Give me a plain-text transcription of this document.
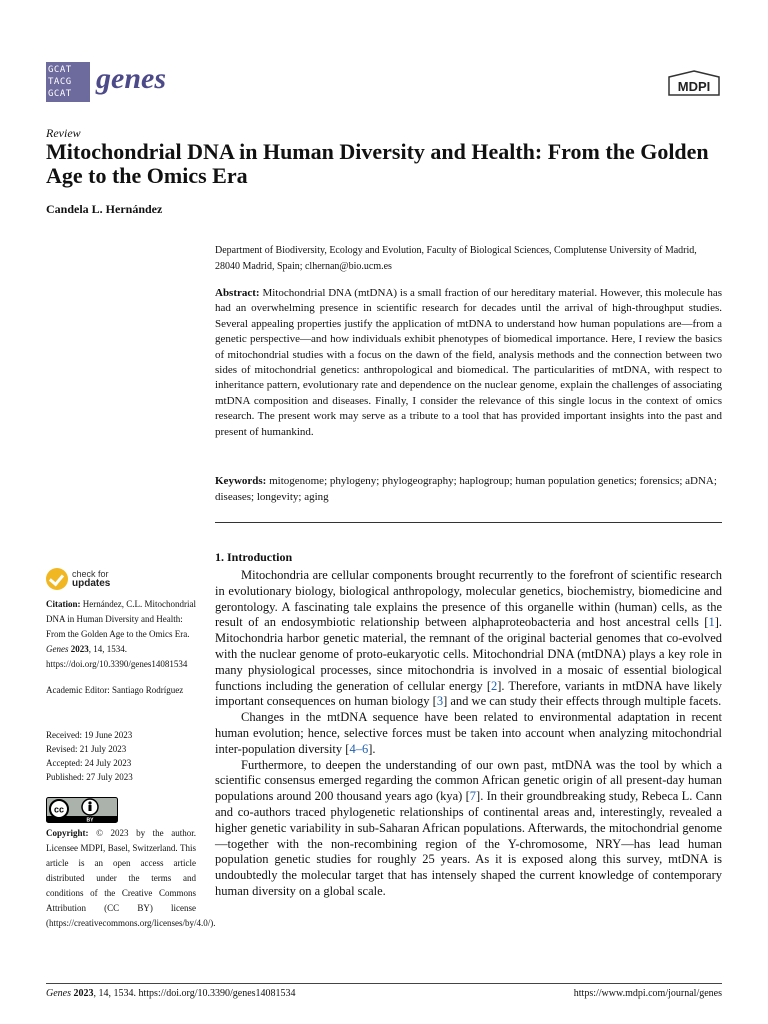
GCAT
TACG
GCAT genes	MDPI
Review
Mitochondrial DNA in Human Diversity and Health: From the Golden Age to the Omics Era
Candela L. Hernández
Department of Biodiversity, Ecology and Evolution, Faculty of Biological Sciences, Complutense University of Madrid, 28040 Madrid, Spain; clhernan@bio.ucm.es
Abstract: Mitochondrial DNA (mtDNA) is a small fraction of our hereditary material. However, this molecule has had an overwhelming presence in scientific research for decades until the arrival of high-throughput studies. Several appealing properties justify the application of mtDNA to understand how human populations are—from a genetic perspective—and how individuals exhibit phenotypes of biomedical importance. Here, I review the basics of mitochondrial studies with a focus on the dawn of the field, analysis methods and the connection between two sides of mitochondrial genetics: anthropological and biomedical. The particularities of mtDNA, with respect to inheritance pattern, evolutionary rate and dependence on the nuclear genome, explain the challenges of associating mtDNA composition and diseases. Finally, I consider the relevance of this single locus in the context of omics research. The present work may serve as a tribute to a tool that has provided important insights into the past and present of humankind.
Keywords: mitogenome; phylogeny; phylogeography; haplogroup; human population genetics; forensics; aDNA; diseases; longevity; aging
1. Introduction

Mitochondria are cellular components brought recurrently to the forefront of scientific research in evolutionary biology, biological anthropology, molecular genetics, biochemistry, biomedicine and gerontology. A fascinating tale explains the presence of this organelle within (human) cells, as the result of an endosymbiotic relationship between alphaproteobacteria and host ancestral cells [1]. Mitochondria harbor genetic material, the remnant of the original bacterial genomes that co-evolved with the nuclear genome of proto-eukaryotic cells. Mitochondrial DNA (mtDNA) plays a key role in many physiological processes, since mitochondria is involved in a mosaic of essential biological functions including the generation of cellular energy [2]. Therefore, variants in mtDNA have likely important consequences on human biology [3] and we can study their effects through multiple facets.

Changes in the mtDNA sequence have been related to environmental adaptation in recent human evolution; hence, selective forces must be taken into account when analyzing mitochondrial inter-population diversity [4–6].

Furthermore, to deepen the understanding of our own past, mtDNA was the tool by which a scientific consensus emerged regarding the common African genetic origin of all present-day human populations around 200 thousand years ago (kya) [7]. In their groundbreaking study, Rebeca L. Cann and co-authors traced phylogenetic relationships of continental areas and, interestingly, revealed a higher genetic variability in sub-Saharan African populations. Afterwards, the mitochondrial genome—together with the non-recombining region of the Y-chromosome, NRY—has lead human population genetic studies for roughly 25 years. As it is exposed along this survey, mtDNA is undoubtedly the molecular target that has intensely shaped the current knowledge of contemporary human diversity on a global scale.

check for
updates
Citation: Hernández, C.L. Mitochondrial DNA in Human Diversity and Health: From the Golden Age to the Omics Era. Genes 2023, 14, 1534. https://doi.org/10.3390/genes14081534
Academic Editor: Santiago Rodríguez
Received: 19 June 2023
Revised: 21 July 2023
Accepted: 24 July 2023
Published: 27 July 2023
cc
BY
Copyright: © 2023 by the author. Licensee MDPI, Basel, Switzerland. This article is an open access article distributed under the terms and conditions of the Creative Commons Attribution (CC BY) license (https://creativecommons.org/licenses/by/4.0/).
Genes 2023, 14, 1534. https://doi.org/10.3390/genes14081534	https://www.mdpi.com/journal/genes
